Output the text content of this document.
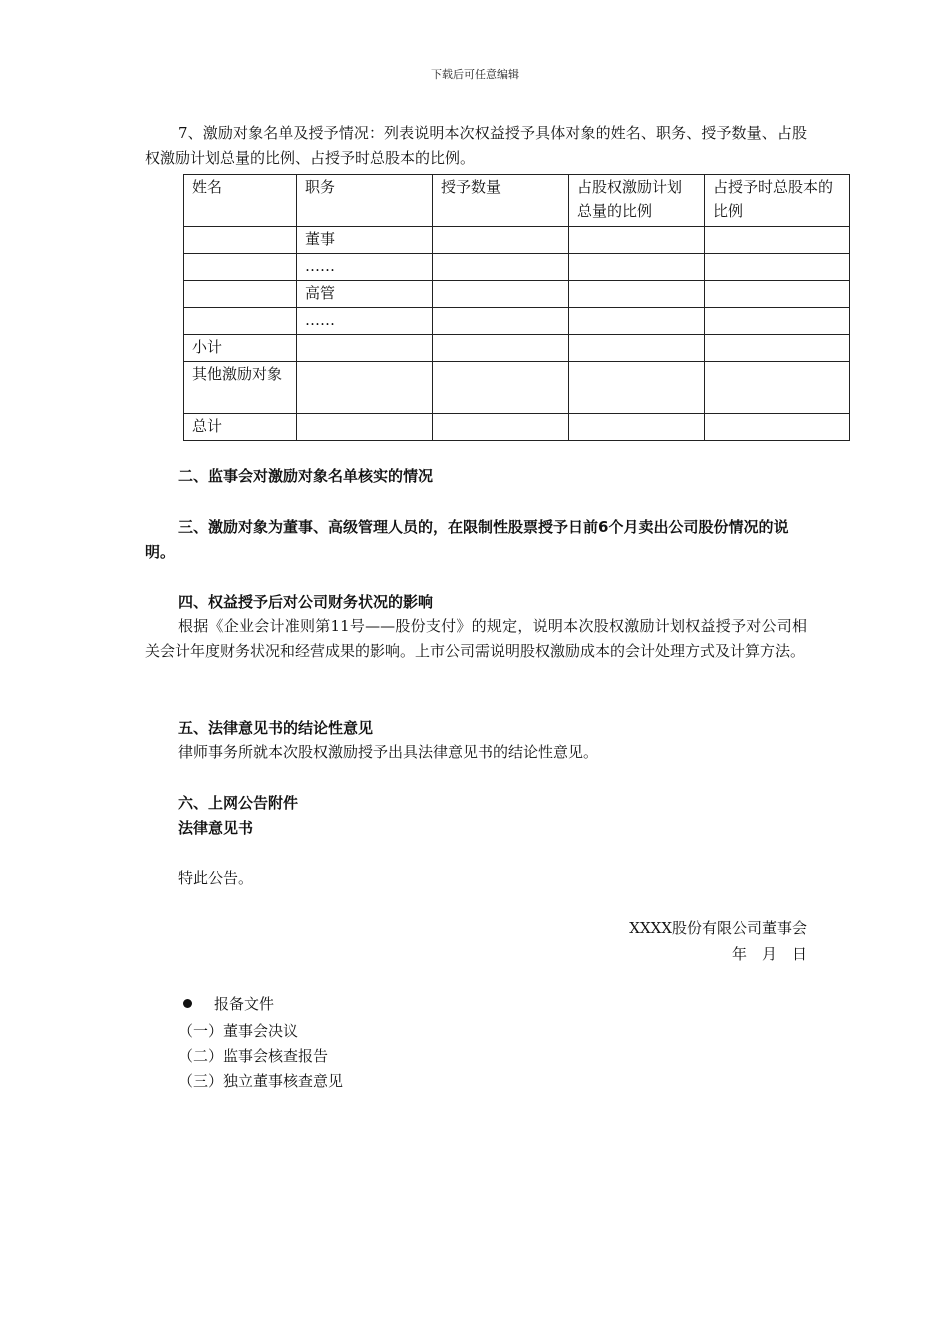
下载后可任意编辑

7、激励对象名单及授予情况：列表说明本次权益授予具体对象的姓名、职务、授予数量、占股权激励计划总量的比例、占授予时总股本的比例。

姓名	职务	授予数量	占股权激励计划总量的比例	占授予时总股本的比例
	董事			
	……			
	高管			
	……			
小计				
其他激励对象				
总计				

二、监事会对激励对象名单核实的情况

三、激励对象为董事、高级管理人员的，在限制性股票授予日前6个月卖出公司股份情况的说明。

四、权益授予后对公司财务状况的影响

根据《企业会计准则第11号——股份支付》的规定，说明本次股权激励计划权益授予对公司相关会计年度财务状况和经营成果的影响。上市公司需说明股权激励成本的会计处理方式及计算方法。

五、法律意见书的结论性意见

律师事务所就本次股权激励授予出具法律意见书的结论性意见。

六、上网公告附件

法律意见书

特此公告。

XXXX股份有限公司董事会

年　月　日

报备文件

（一）董事会决议

（二）监事会核查报告

（三）独立董事核查意见
